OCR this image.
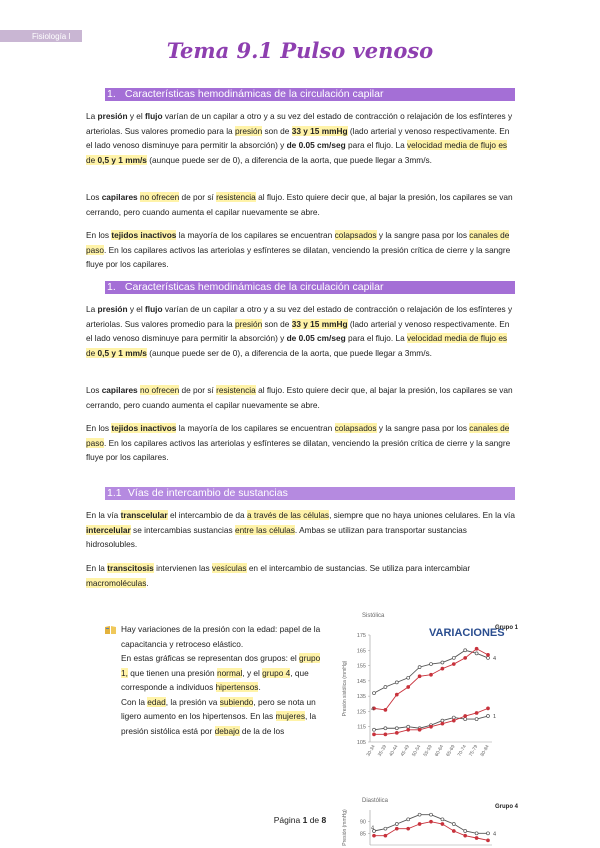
Fisiología I
Tema 9.1 Pulso venoso
1. Características hemodinámicas de la circulación capilar
La presión y el flujo varían de un capilar a otro y a su vez del estado de contracción o relajación de los esfínteres y arteriolas. Sus valores promedio para la presión son de 33 y 15 mmHg (lado arterial y venoso respectivamente. En el lado venoso disminuye para permitir la absorción) y de 0.05 cm/seg para el flujo. La velocidad media de flujo es de 0,5 y 1 mm/s (aunque puede ser de 0), a diferencia de la aorta, que puede llegar a 3mm/s.
Los capilares no ofrecen de por sí resistencia al flujo. Esto quiere decir que, al bajar la presión, los capilares se van cerrando, pero cuando aumenta el capilar nuevamente se abre.
En los tejidos inactivos la mayoría de los capilares se encuentran colapsados y la sangre pasa por los canales de paso. En los capilares activos las arteriolas y esfínteres se dilatan, venciendo la presión crítica de cierre y la sangre fluye por los capilares.
1. Características hemodinámicas de la circulación capilar
La presión y el flujo varían de un capilar a otro y a su vez del estado de contracción o relajación de los esfínteres y arteriolas. Sus valores promedio para la presión son de 33 y 15 mmHg (lado arterial y venoso respectivamente. En el lado venoso disminuye para permitir la absorción) y de 0.05 cm/seg para el flujo. La velocidad media de flujo es de 0,5 y 1 mm/s (aunque puede ser de 0), a diferencia de la aorta, que puede llegar a 3mm/s.
Los capilares no ofrecen de por sí resistencia al flujo. Esto quiere decir que, al bajar la presión, los capilares se van cerrando, pero cuando aumenta el capilar nuevamente se abre.
En los tejidos inactivos la mayoría de los capilares se encuentran colapsados y la sangre pasa por los canales de paso. En los capilares activos las arteriolas y esfínteres se dilatan, venciendo la presión crítica de cierre y la sangre fluye por los capilares.
1.1 Vías de intercambio de sustancias
En la vía transcelular el intercambio de da a través de las células, siempre que no haya uniones celulares. En la vía intercelular se intercambias sustancias entre las células. Ambas se utilizan para transportar sustancias hidrosolubles.
En la transcitosis intervienen las vesículas en el intercambio de sustancias. Se utiliza para intercambiar macromoléculas.
Hay variaciones de la presión con la edad: papel de la capacitancia y retroceso elástico.
En estas gráficas se representan dos grupos: el grupo 1, que tienen una presión normal, y el grupo 4, que corresponde a individuos hipertensos.
Con la edad, la presión va subiendo, pero se nota un ligero aumento en los hipertensos. En las mujeres, la presión sistólica está por debajo de la de los
VARIACIONES
Sistólica
Grupo 1
105
115
125
135
145
155
165
175
Presión sistólica (mmHg)
30-34 35-39 40-44 45-49 50-54 55-59 60-64 65-69 70-74 75-79 80-84
4
4
1
Diastólica
Grupo 4
85
90
Presión (mmHg)	4
4
Página 1 de 8
